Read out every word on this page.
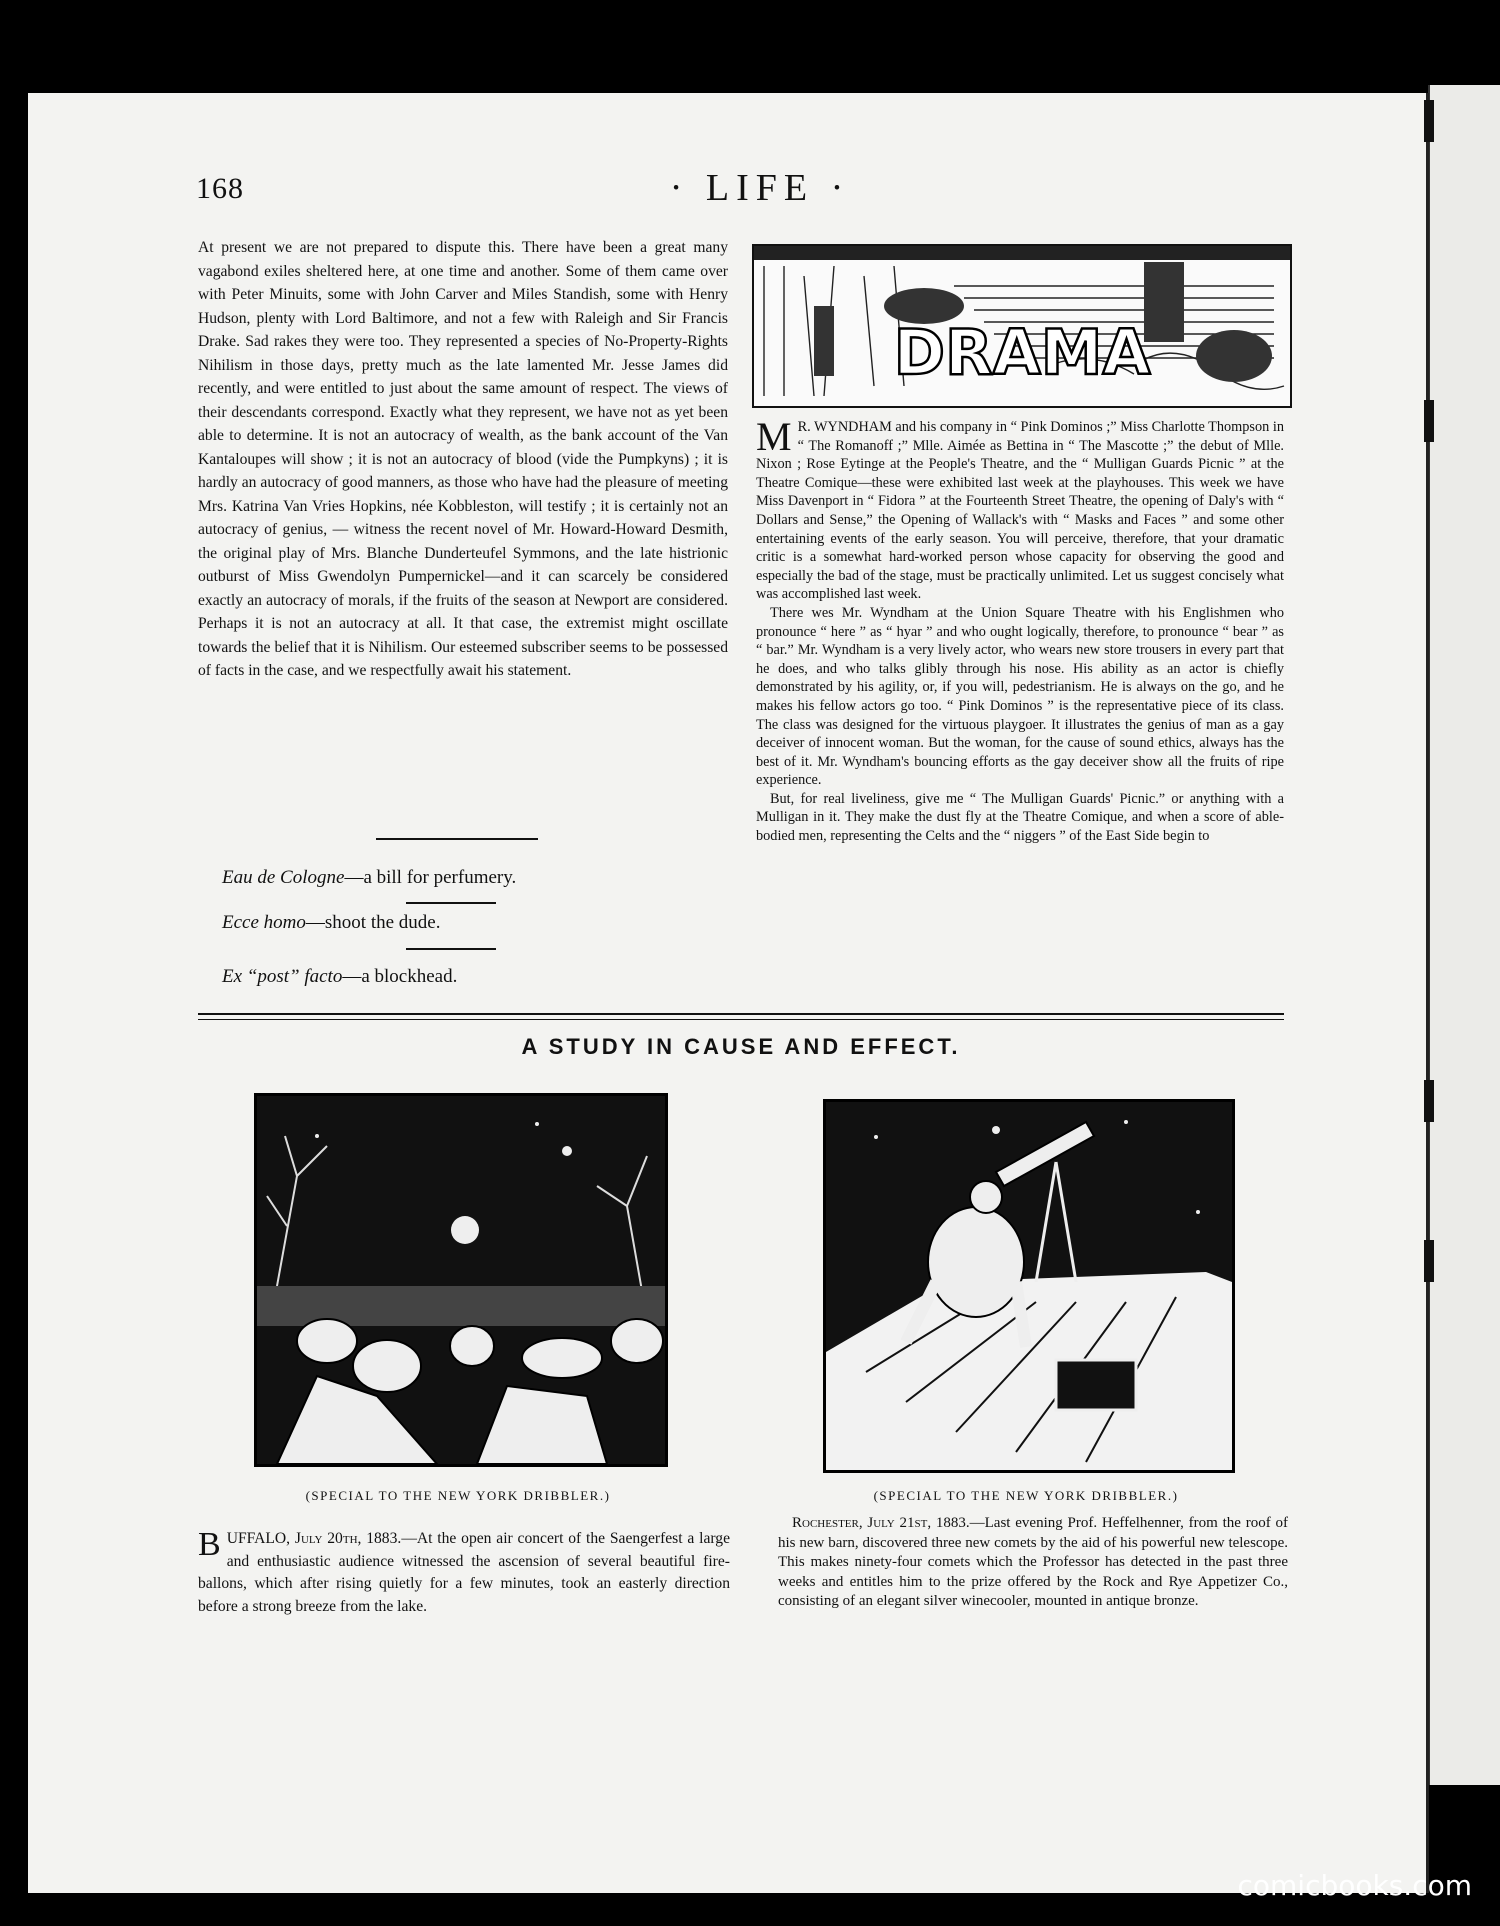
168	· LIFE ·

At present we are not prepared to dispute this. There have been a great many vagabond exiles sheltered here, at one time and another. Some of them came over with Peter Minuits, some with John Carver and Miles Standish, some with Henry Hudson, plenty with Lord Baltimore, and not a few with Raleigh and Sir Francis Drake. Sad rakes they were too. They represented a species of No-Property-Rights Nihilism in those days, pretty much as the late lamented Mr. Jesse James did recently, and were entitled to just about the same amount of respect. The views of their descendants correspond. Exactly what they represent, we have not as yet been able to determine. It is not an autocracy of wealth, as the bank account of the Van Kantaloupes will show ; it is not an autocracy of blood (vide the Pumpkyns) ; it is hardly an autocracy of good manners, as those who have had the pleasure of meeting Mrs. Katrina Van Vries Hopkins, née Kobbleston, will testify ; it is certainly not an autocracy of genius, — witness the recent novel of Mr. Howard-Howard Desmith, the original play of Mrs. Blanche Dunderteufel Symmons, and the late histrionic outburst of Miss Gwendolyn Pumpernickel—and it can scarcely be considered exactly an autocracy of morals, if the fruits of the season at Newport are considered. Perhaps it is not an autocracy at all. It that case, the extremist might oscillate towards the belief that it is Nihilism. Our esteemed subscriber seems to be possessed of facts in the case, and we respectfully await his statement.

Eau de Cologne—a bill for perfumery.
Ecce homo—shoot the dude.
Ex “post” facto—a blockhead.
DRAMA

M R. WYNDHAM and his company in “ Pink Dominos ;” Miss Charlotte Thompson in “ The Romanoff ;” Mlle. Aimée as Bettina in “ The Mascotte ;” the debut of Mlle. Nixon ; Rose Eytinge at the People's Theatre, and the “ Mulligan Guards Picnic ” at the Theatre Comique—these were exhibited last week at the playhouses. This week we have Miss Davenport in “ Fidora ” at the Fourteenth Street Theatre, the opening of Daly's with “ Dollars and Sense,” the Opening of Wallack's with “ Masks and Faces ” and some other entertaining events of the early season. You will perceive, therefore, that your dramatic critic is a somewhat hard-worked person whose capacity for observing the good and especially the bad of the stage, must be practically unlimited. Let us suggest concisely what was accomplished last week.

There wes Mr. Wyndham at the Union Square Theatre with his Englishmen who pronounce “ here ” as “ hyar ” and who ought logically, therefore, to pronounce “ bear ” as “ bar.” Mr. Wyndham is a very lively actor, who wears new store trousers in every part that he does, and who talks glibly through his nose. His ability as an actor is chiefly demonstrated by his agility, or, if you will, pedestrianism. He is always on the go, and he makes his fellow actors go too. “ Pink Dominos ” is the representative piece of its class. The class was designed for the virtuous playgoer. It illustrates the genius of man as a gay deceiver of innocent woman. But the woman, for the cause of sound ethics, always has the best of it. Mr. Wyndham's bouncing efforts as the gay deceiver show all the fruits of ripe experience.

But, for real liveliness, give me “ The Mulligan Guards' Picnic.” or anything with a Mulligan in it. They make the dust fly at the Theatre Comique, and when a score of able-bodied men, representing the Celts and the “ niggers ” of the East Side begin to

A STUDY IN CAUSE AND EFFECT.
(SPECIAL TO THE NEW YORK DRIBBLER.)	(SPECIAL TO THE NEW YORK DRIBBLER.)

BUFFALO, July 20th, 1883.—At the open air concert of the Saengerfest a large and enthusiastic audience witnessed the ascension of several beautiful fire-ballons, which after rising quietly for a few minutes, took an easterly direction before a strong breeze from the lake.

Rochester, July 21st, 1883.—Last evening Prof. Heffelhenner, from the roof of his new barn, discovered three new comets by the aid of his powerful new telescope. This makes ninety-four comets which the Professor has detected in the past three weeks and entitles him to the prize offered by the Rock and Rye Appetizer Co., consisting of an elegant silver winecooler, mounted in antique bronze.

comicbooks.com
